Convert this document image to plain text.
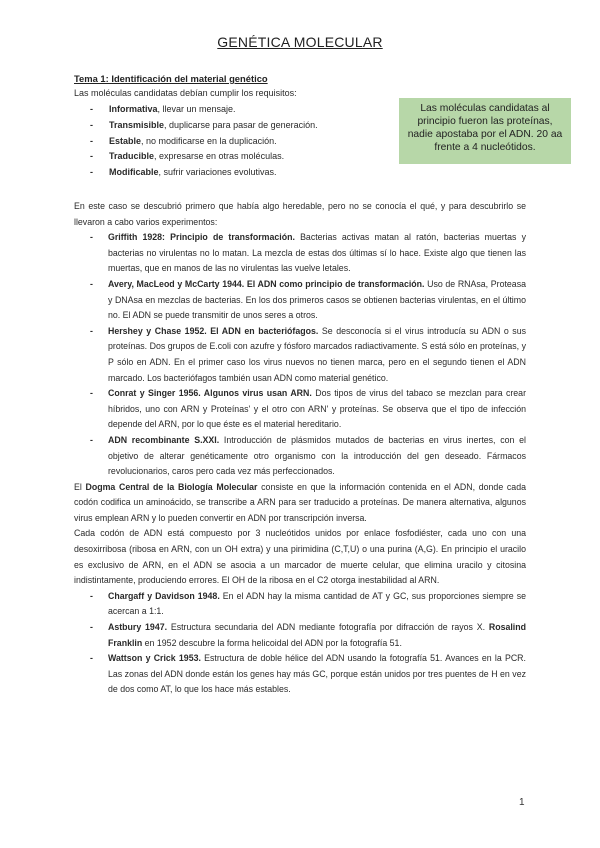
GENÉTICA MOLECULAR
Tema 1: Identificación del material genético
Las moléculas candidatas debían cumplir los requisitos:
- Informativa, llevar un mensaje.
- Transmisible, duplicarse para pasar de generación.
- Estable, no modificarse en la duplicación.
- Traducible, expresarse en otras moléculas.
- Modificable, sufrir variaciones evolutivas.
Las moléculas candidatas al principio fueron las proteínas, nadie apostaba por el ADN. 20 aa frente a 4 nucleótidos.

En este caso se descubrió primero que había algo heredable, pero no se conocía el qué, y para descubrirlo se llevaron a cabo varios experimentos:

- Griffith 1928: Principio de transformación. Bacterias activas matan al ratón, bacterias muertas y bacterias no virulentas no lo matan. La mezcla de estas dos últimas sí lo hace. Existe algo que tienen las muertas, que en manos de las no virulentas las vuelve letales.
- Avery, MacLeod y McCarty 1944. El ADN como principio de transformación. Uso de RNAsa, Proteasa y DNAsa en mezclas de bacterias. En los dos primeros casos se obtienen bacterias virulentas, en el último no. El ADN se puede transmitir de unos seres a otros.
- Hershey y Chase 1952. El ADN en bacteriófagos. Se desconocía si el virus introducía su ADN o sus proteínas. Dos grupos de E.coli con azufre y fósforo marcados radiactivamente. S está sólo en proteínas, y P sólo en ADN. En el primer caso los virus nuevos no tienen marca, pero en el segundo tienen el ADN marcado. Los bacteriófagos también usan ADN como material genético.
- Conrat y Singer 1956. Algunos virus usan ARN. Dos tipos de virus del tabaco se mezclan para crear híbridos, uno con ARN y Proteínas' y el otro con ARN' y proteínas. Se observa que el tipo de infección depende del ARN, por lo que éste es el material hereditario.
- ADN recombinante S.XXI. Introducción de plásmidos mutados de bacterias en virus inertes, con el objetivo de alterar genéticamente otro organismo con la introducción del gen deseado. Fármacos revolucionarios, caros pero cada vez más perfeccionados.

El Dogma Central de la Biología Molecular consiste en que la información contenida en el ADN, donde cada codón codifica un aminoácido, se transcribe a ARN para ser traducido a proteínas. De manera alternativa, algunos virus emplean ARN y lo pueden convertir en ADN por transcripción inversa.

Cada codón de ADN está compuesto por 3 nucleótidos unidos por enlace fosfodiéster, cada uno con una desoxirribosa (ribosa en ARN, con un OH extra) y una pirimidina (C,T,U) o una purina (A,G). En principio el uracilo es exclusivo de ARN, en el ADN se asocia a un marcador de muerte celular, que elimina uracilo y citosina indistintamente, produciendo errores. El OH de la ribosa en el C2 otorga inestabilidad al ARN.

- Chargaff y Davidson 1948. En el ADN hay la misma cantidad de AT y GC, sus proporciones siempre se acercan a 1:1.
- Astbury 1947. Estructura secundaria del ADN mediante fotografía por difracción de rayos X. Rosalind Franklin en 1952 descubre la forma helicoidal del ADN por la fotografía 51.
- Wattson y Crick 1953. Estructura de doble hélice del ADN usando la fotografía 51. Avances en la PCR. Las zonas del ADN donde están los genes hay más GC, porque están unidos por tres puentes de H en vez de dos como AT, lo que los hace más estables.
1
